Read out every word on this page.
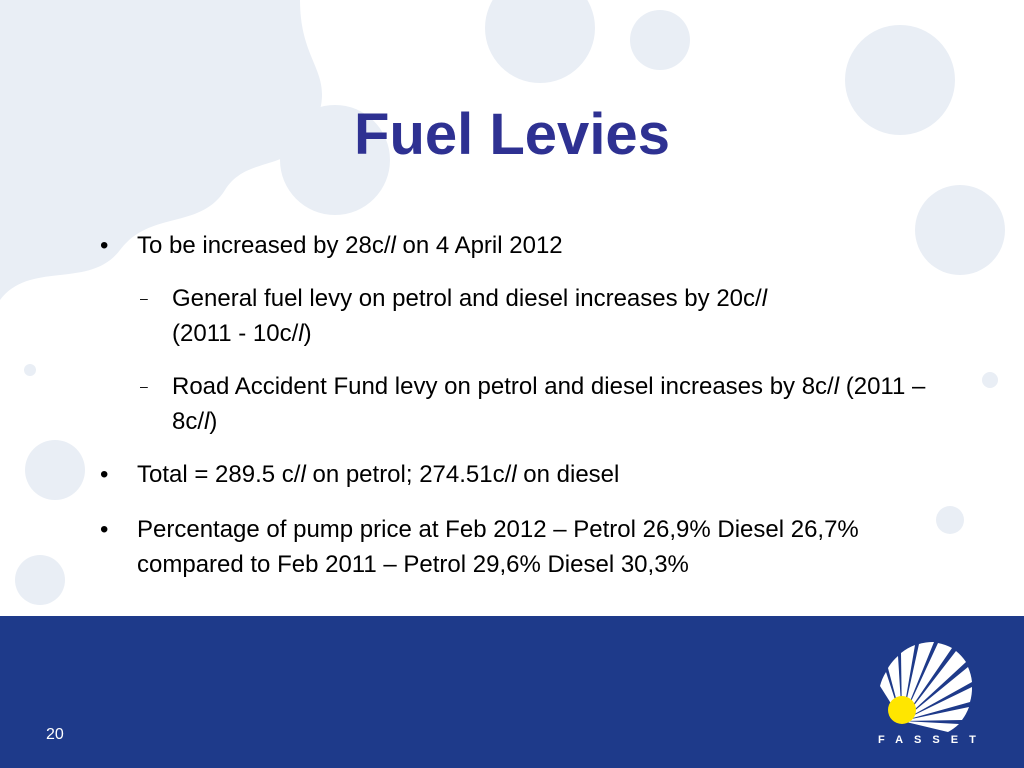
Fuel Levies
• To be increased by 28c/l on 4 April 2012
– General fuel levy on petrol and diesel increases by 20c/l
(2011 - 10c/l)
– Road Accident Fund levy on petrol and diesel increases by 8c/l (2011 – 8c/l)
• Total = 289.5 c/l on petrol; 274.51c/l on diesel
• Percentage of pump price at Feb 2012 – Petrol 26,9% Diesel 26,7% compared to Feb 2011 – Petrol 29,6% Diesel 30,3%
20	FASSET
